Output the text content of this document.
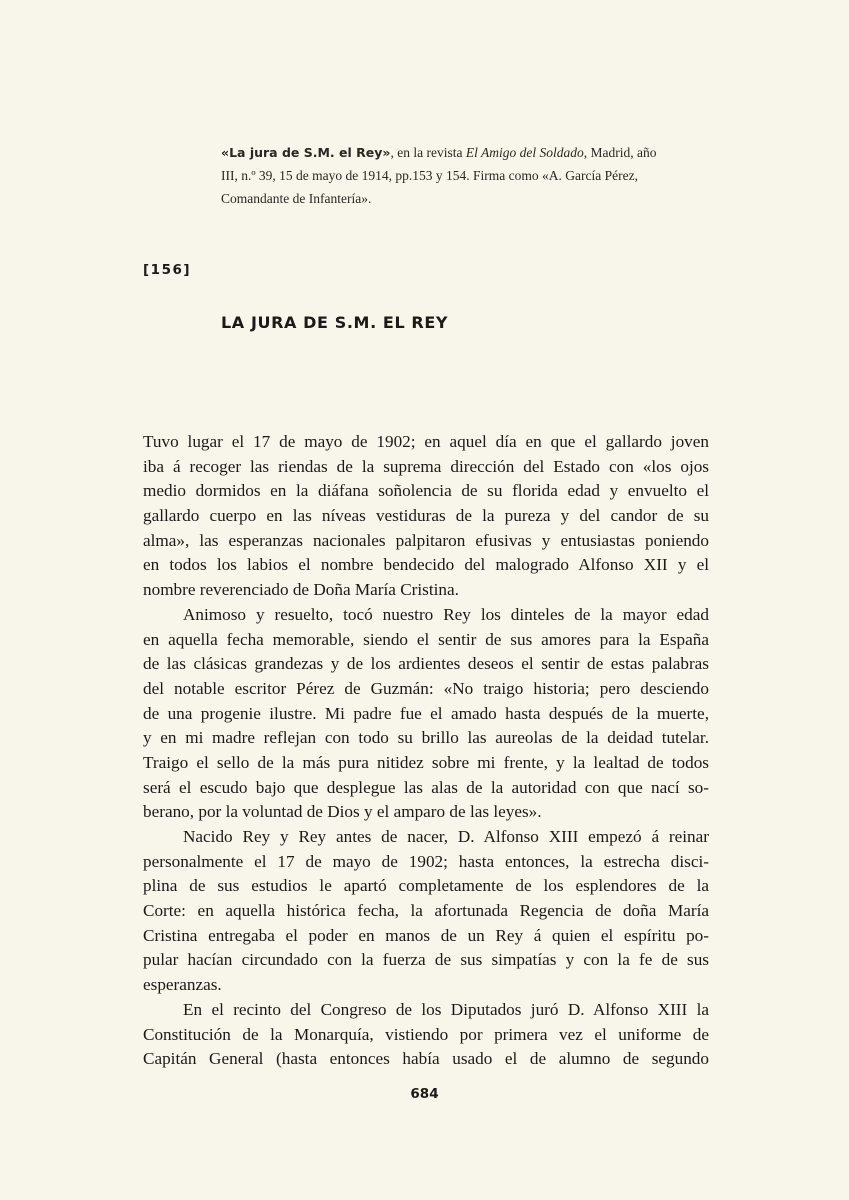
«La jura de S.M. el Rey», en la revista El Amigo del Soldado, Madrid, año
III, n.º 39, 15 de mayo de 1914, pp.153 y 154. Firma como «A. García Pérez,
Comandante de Infantería».
[156]
LA JURA DE S.M. EL REY
Tuvo lugar el 17 de mayo de 1902; en aquel día en que el gallardo joven
iba á recoger las riendas de la suprema dirección del Estado con «los ojos
medio dormidos en la diáfana soñolencia de su florida edad y envuelto el
gallardo cuerpo en las níveas vestiduras de la pureza y del candor de su
alma», las esperanzas nacionales palpitaron efusivas y entusiastas poniendo
en todos los labios el nombre bendecido del malogrado Alfonso XII y el
nombre reverenciado de Doña María Cristina.
Animoso y resuelto, tocó nuestro Rey los dinteles de la mayor edad
en aquella fecha memorable, siendo el sentir de sus amores para la España
de las clásicas grandezas y de los ardientes deseos el sentir de estas palabras
del notable escritor Pérez de Guzmán: «No traigo historia; pero desciendo
de una progenie ilustre. Mi padre fue el amado hasta después de la muerte,
y en mi madre reflejan con todo su brillo las aureolas de la deidad tutelar.
Traigo el sello de la más pura nitidez sobre mi frente, y la lealtad de todos
será el escudo bajo que desplegue las alas de la autoridad con que nací so-
berano, por la voluntad de Dios y el amparo de las leyes».
Nacido Rey y Rey antes de nacer, D. Alfonso XIII empezó á reinar
personalmente el 17 de mayo de 1902; hasta entonces, la estrecha disci-
plina de sus estudios le apartó completamente de los esplendores de la
Corte: en aquella histórica fecha, la afortunada Regencia de doña María
Cristina entregaba el poder en manos de un Rey á quien el espíritu po-
pular hacían circundado con la fuerza de sus simpatías y con la fe de sus
esperanzas.
En el recinto del Congreso de los Diputados juró D. Alfonso XIII la
Constitución de la Monarquía, vistiendo por primera vez el uniforme de
Capitán General (hasta entonces había usado el de alumno de segundo
684
